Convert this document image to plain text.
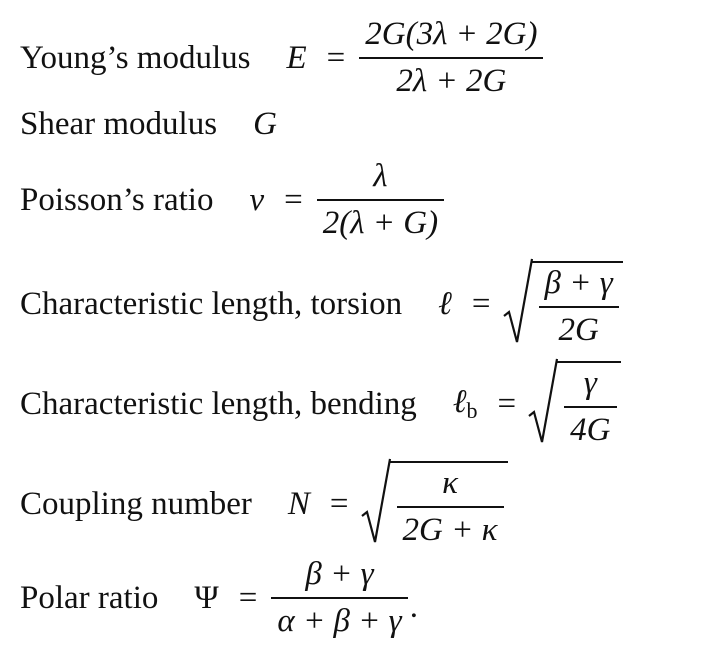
Young’s modulus $E = \frac{2G(3\lambda + 2G)}{2\lambda + 2G}$
Shear modulus G
Poisson’s ratio $\nu = \frac{\lambda}{2(\lambda + G)}$
Characteristic length, torsion ℓ = $\frac{\beta + \gamma}{2G}$
Characteristic length, bending ℓ$_b$ = $\frac{\gamma}{4G}$
Coupling number $N = \frac{\kappa}{2G + \kappa}$
Polar ratio $\Psi = \frac{\beta + \gamma}{\alpha + \beta + \gamma}$ .
